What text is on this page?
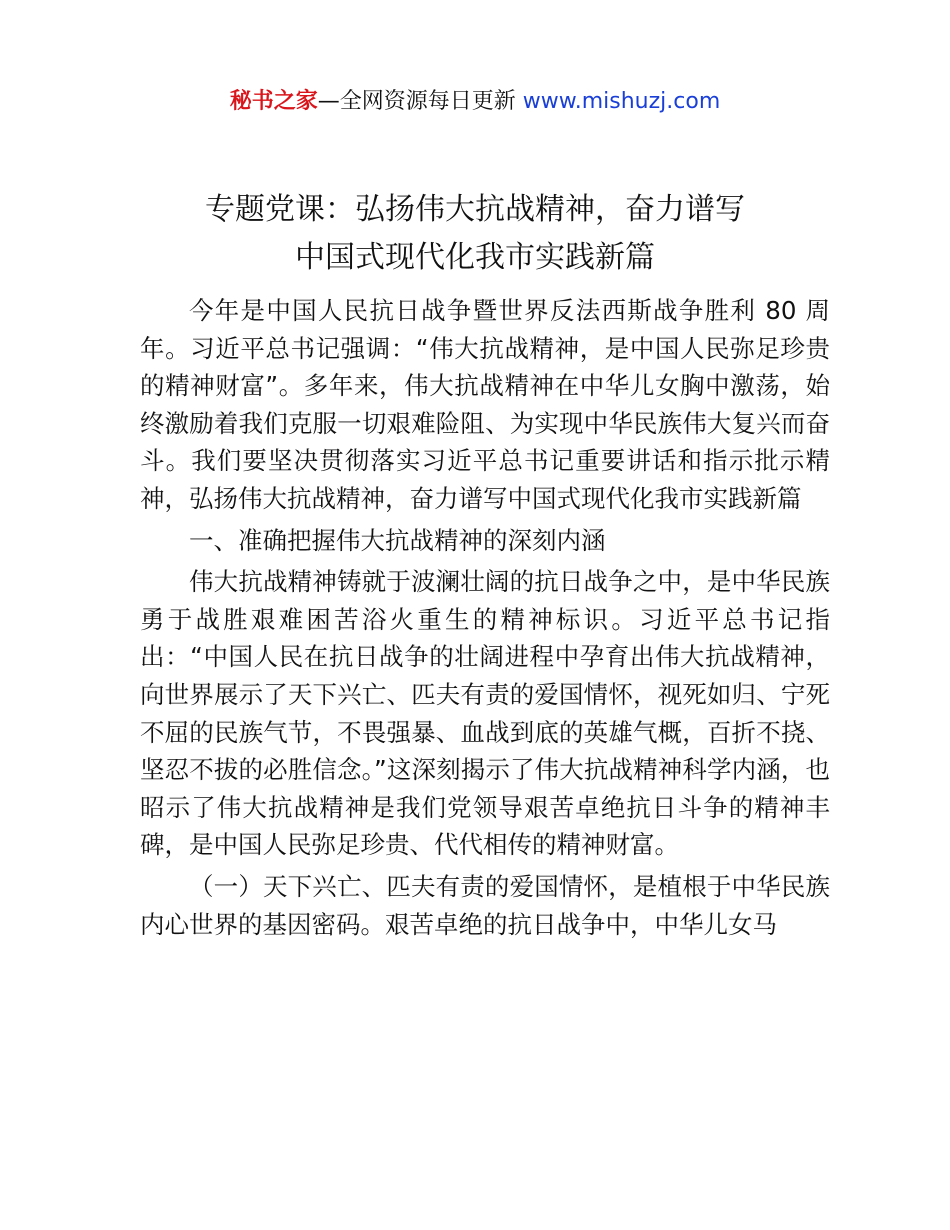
秘书之家—全网资源每日更新 www.mishuzj.com
专题党课：弘扬伟大抗战精神，奋力谱写
中国式现代化我市实践新篇

今年是中国人民抗日战争暨世界反法西斯战争胜利 80 周年。习近平总书记强调：“伟大抗战精神，是中国人民弥足珍贵的精神财富”。多年来，伟大抗战精神在中华儿女胸中激荡，始终激励着我们克服一切艰难险阻、为实现中华民族伟大复兴而奋斗。我们要坚决贯彻落实习近平总书记重要讲话和指示批示精神，弘扬伟大抗战精神，奋力谱写中国式现代化我市实践新篇

一、准确把握伟大抗战精神的深刻内涵

伟大抗战精神铸就于波澜壮阔的抗日战争之中，是中华民族勇于战胜艰难困苦浴火重生的精神标识。习近平总书记指出：“中国人民在抗日战争的壮阔进程中孕育出伟大抗战精神，向世界展示了天下兴亡、匹夫有责的爱国情怀，视死如归、宁死不屈的民族气节，不畏强暴、血战到底的英雄气概，百折不挠、坚忍不拔的必胜信念。”这深刻揭示了伟大抗战精神科学内涵，也昭示了伟大抗战精神是我们党领导艰苦卓绝抗日斗争的精神丰碑，是中国人民弥足珍贵、代代相传的精神财富。

（一）天下兴亡、匹夫有责的爱国情怀，是植根于中华民族内心世界的基因密码。艰苦卓绝的抗日战争中，中华儿女马
